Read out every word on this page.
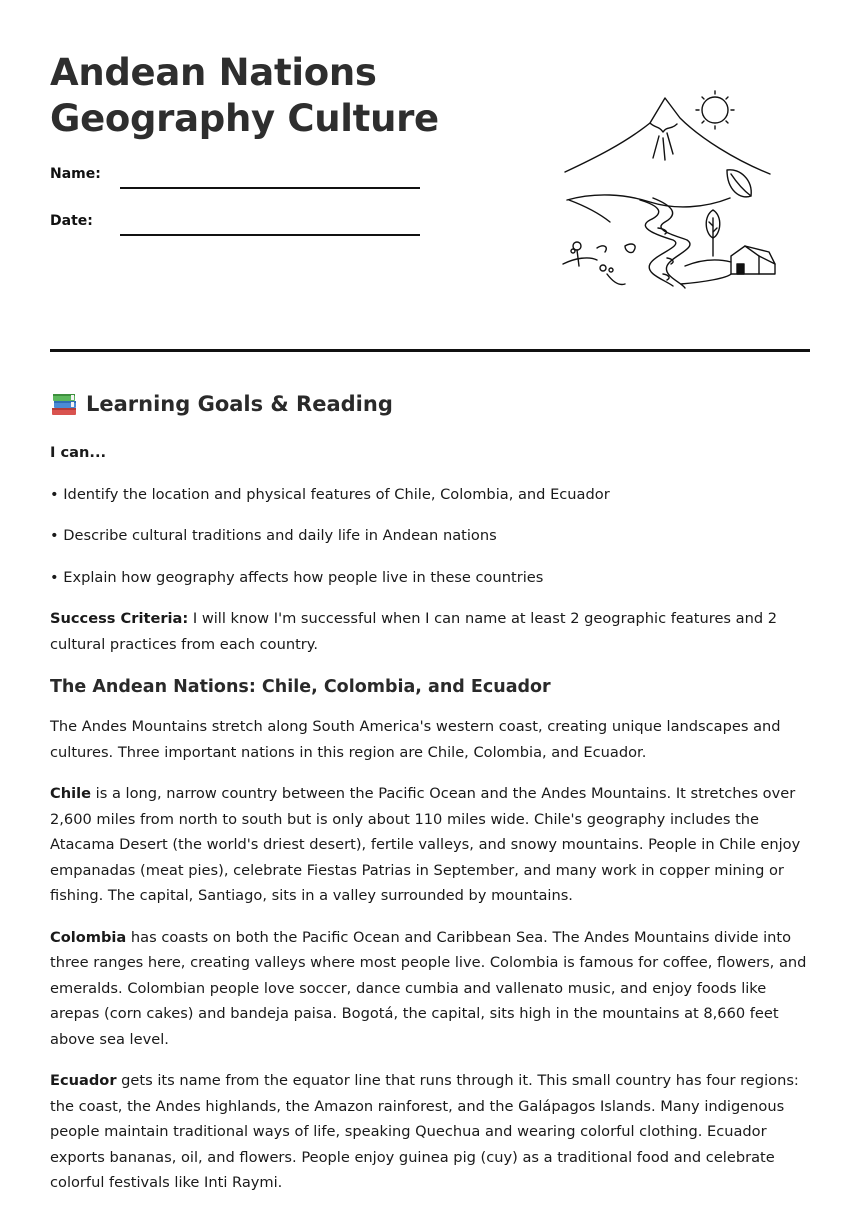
Andean Nations
Geography Culture
Name:
Date:
Learning Goals & Reading

I can...

• Identify the location and physical features of Chile, Colombia, and Ecuador

• Describe cultural traditions and daily life in Andean nations

• Explain how geography affects how people live in these countries

Success Criteria: I will know I'm successful when I can name at least 2 geographic features and 2 cultural practices from each country.

The Andean Nations: Chile, Colombia, and Ecuador

The Andes Mountains stretch along South America's western coast, creating unique landscapes and cultures. Three important nations in this region are Chile, Colombia, and Ecuador.

Chile is a long, narrow country between the Pacific Ocean and the Andes Mountains. It stretches over 2,600 miles from north to south but is only about 110 miles wide. Chile's geography includes the Atacama Desert (the world's driest desert), fertile valleys, and snowy mountains. People in Chile enjoy empanadas (meat pies), celebrate Fiestas Patrias in September, and many work in copper mining or fishing. The capital, Santiago, sits in a valley surrounded by mountains.

Colombia has coasts on both the Pacific Ocean and Caribbean Sea. The Andes Mountains divide into three ranges here, creating valleys where most people live. Colombia is famous for coffee, flowers, and emeralds. Colombian people love soccer, dance cumbia and vallenato music, and enjoy foods like arepas (corn cakes) and bandeja paisa. Bogotá, the capital, sits high in the mountains at 8,660 feet above sea level.

Ecuador gets its name from the equator line that runs through it. This small country has four regions: the coast, the Andes highlands, the Amazon rainforest, and the Galápagos Islands. Many indigenous people maintain traditional ways of life, speaking Quechua and wearing colorful clothing. Ecuador exports bananas, oil, and flowers. People enjoy guinea pig (cuy) as a traditional food and celebrate colorful festivals like Inti Raymi.
